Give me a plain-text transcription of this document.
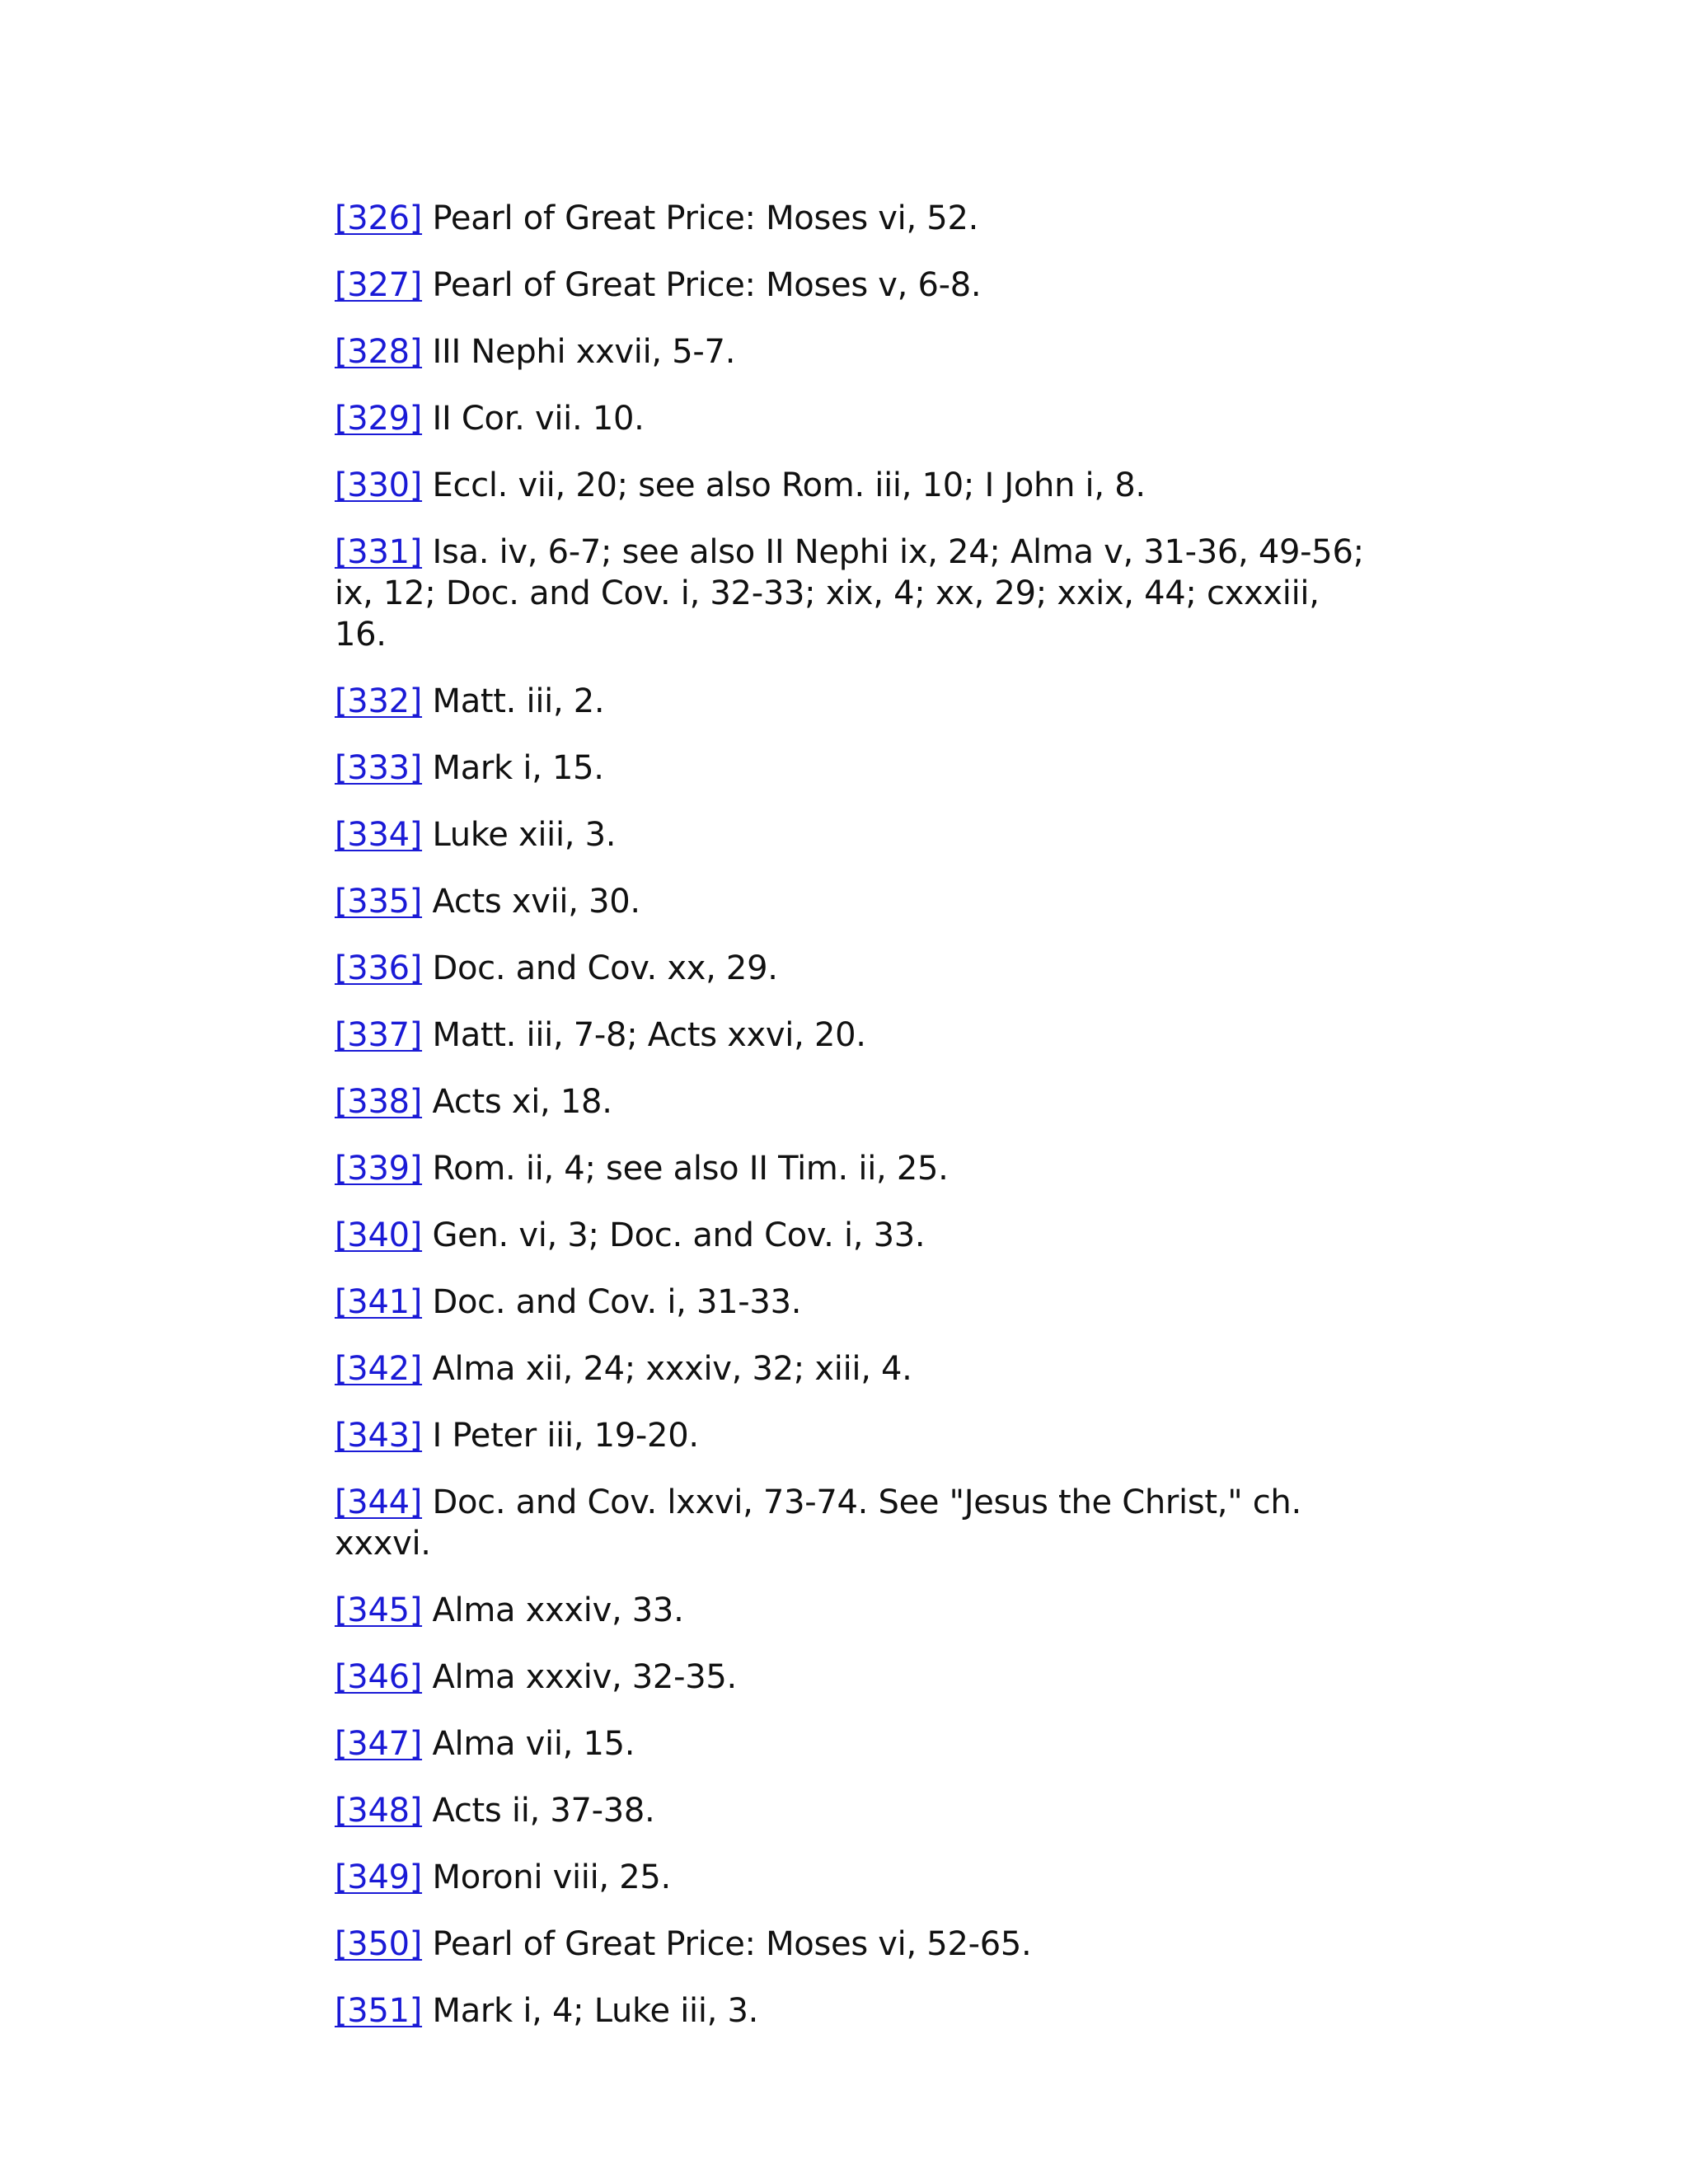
[326] Pearl of Great Price: Moses vi, 52.

[327] Pearl of Great Price: Moses v, 6-8.

[328] III Nephi xxvii, 5-7.

[329] II Cor. vii. 10.

[330] Eccl. vii, 20; see also Rom. iii, 10; I John i, 8.

[331] Isa. iv, 6-7; see also II Nephi ix, 24; Alma v, 31-36, 49-56; ix, 12; Doc. and Cov. i, 32-33; xix, 4; xx, 29; xxix, 44; cxxxiii, 16.

[332] Matt. iii, 2.

[333] Mark i, 15.

[334] Luke xiii, 3.

[335] Acts xvii, 30.

[336] Doc. and Cov. xx, 29.

[337] Matt. iii, 7-8; Acts xxvi, 20.

[338] Acts xi, 18.

[339] Rom. ii, 4; see also II Tim. ii, 25.

[340] Gen. vi, 3; Doc. and Cov. i, 33.

[341] Doc. and Cov. i, 31-33.

[342] Alma xii, 24; xxxiv, 32; xiii, 4.

[343] I Peter iii, 19-20.

[344] Doc. and Cov. lxxvi, 73-74. See "Jesus the Christ," ch. xxxvi.

[345] Alma xxxiv, 33.

[346] Alma xxxiv, 32-35.

[347] Alma vii, 15.

[348] Acts ii, 37-38.

[349] Moroni viii, 25.

[350] Pearl of Great Price: Moses vi, 52-65.

[351] Mark i, 4; Luke iii, 3.
